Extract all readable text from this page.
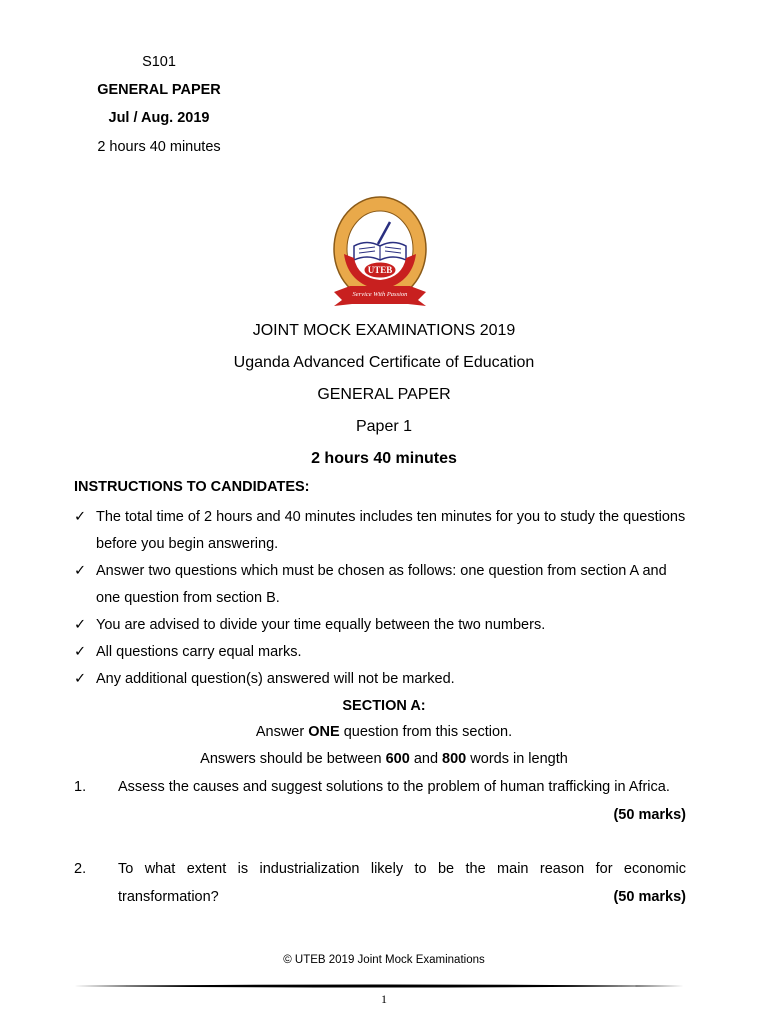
S101
GENERAL PAPER
Jul / Aug. 2019
2 hours 40 minutes
UTEB
Service With Passion
JOINT MOCK EXAMINATIONS 2019
Uganda Advanced Certificate of Education
GENERAL PAPER
Paper 1
2 hours 40 minutes
INSTRUCTIONS TO CANDIDATES:
✓ The total time of 2 hours and 40 minutes includes ten minutes for you to study the questions before you begin answering.
✓ Answer two questions which must be chosen as follows: one question from section A and one question from section B.
✓ You are advised to divide your time equally between the two numbers.
✓ All questions carry equal marks.
✓ Any additional question(s) answered will not be marked.
SECTION A:
Answer ONE question from this section.
Answers should be between 600 and 800 words in length
1. Assess the causes and suggest solutions to the problem of human trafficking in Africa.
(50 marks)
2. To what extent is industrialization likely to be the main reason for economic transformation?	(50 marks)
© UTEB 2019 Joint Mock Examinations
1
